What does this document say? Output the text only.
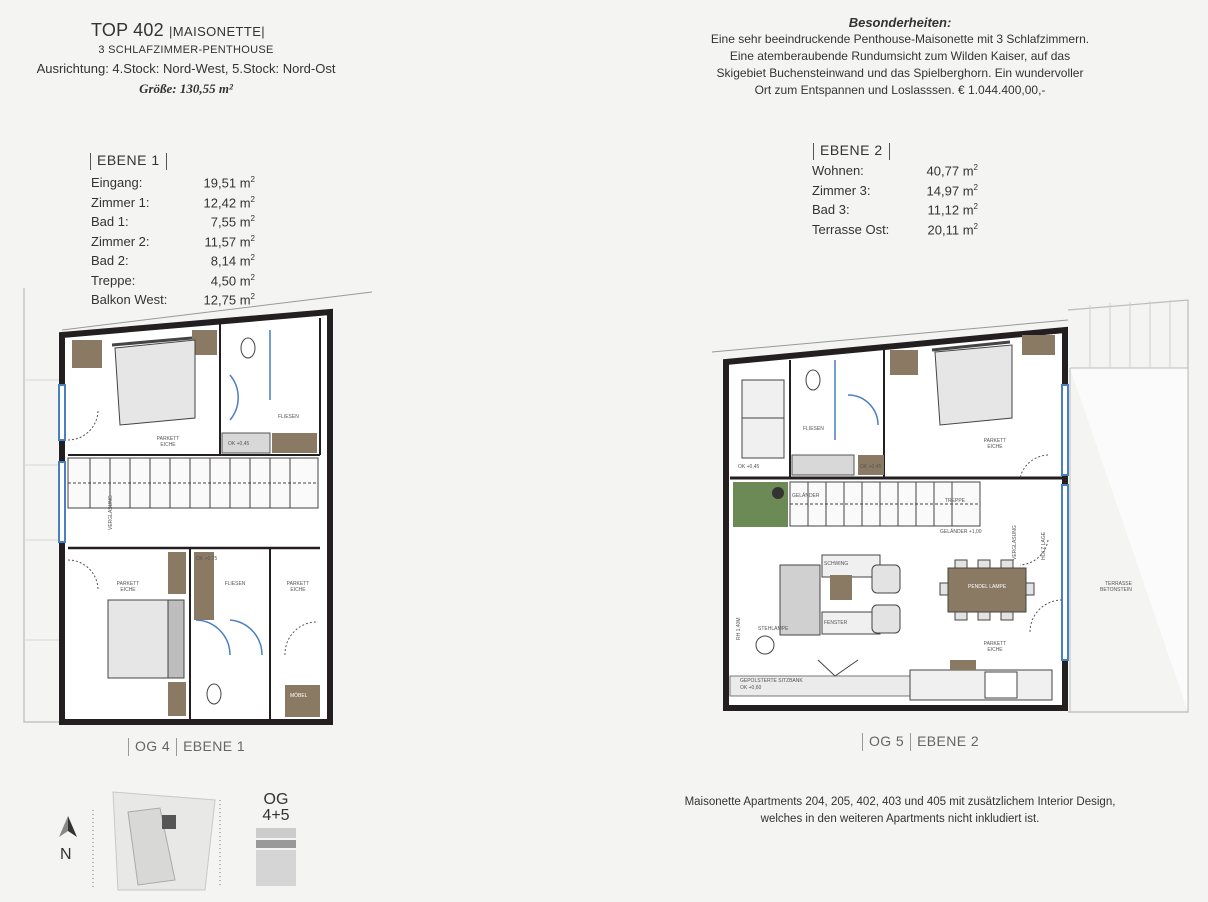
TOP 402 |MAISONETTE|
3 SCHLAFZIMMER-PENTHOUSE
Ausrichtung: 4.Stock: Nord-West, 5.Stock: Nord-Ost
Größe: 130,55 m²
Besonderheiten:
Eine sehr beeindruckende Penthouse-Maisonette mit 3 Schlafzimmern.
Eine atemberaubende Rundumsicht zum Wilden Kaiser, auf das
Skigebiet Buchensteinwand und das Spielberghorn. Ein wundervoller
Ort zum Entspannen und Loslasssen. € 1.044.400,00,-
EBENE 1
Eingang:	19,51 $m^2$
Zimmer 1:	12,42 $m^2$
Bad 1:	7,55 $m^2$
Zimmer 2:	11,57 $m^2$
Bad 2:	8,14 $m^2$
Treppe:	4,50 $m^2$
Balkon West:	12,75 $m^2$
EBENE 2
Wohnen:	40,77 $m^2$
Zimmer 3:	14,97 $m^2$
Bad 3:	11,12 $m^2$
Terrasse Ost:	20,11 $m^2$
PARKETT
EICHE
PARKETT
EICHE
PARKETT
EICHE
FLIESEN
FLIESEN
OK +0,45
OK +0,75
MÖBEL
VERGLASUNG
PARKETT
EICHE
PARKETT
EICHE
FLIESEN
OK +0,45	OK +0,45
GELÄNDER
GELÄNDER +1,00
TREPPE
TERRASSE
BETONSTEIN
GEPOLSTERTE SITZBANK
OK +0,60
STEHLAMPE
SCHWING
FENSTER
PENDEL LAMPE
VERGLASUNG	HOLZ LAGE
RH 1,40M
OG 4 EBENE 1	OG 5 EBENE 2
Maisonette Apartments 204, 205, 402, 403 und 405 mit zusätzlichem Interior Design,
welches in den weiteren Apartments nicht inkludiert ist.
OG
4+5
N
